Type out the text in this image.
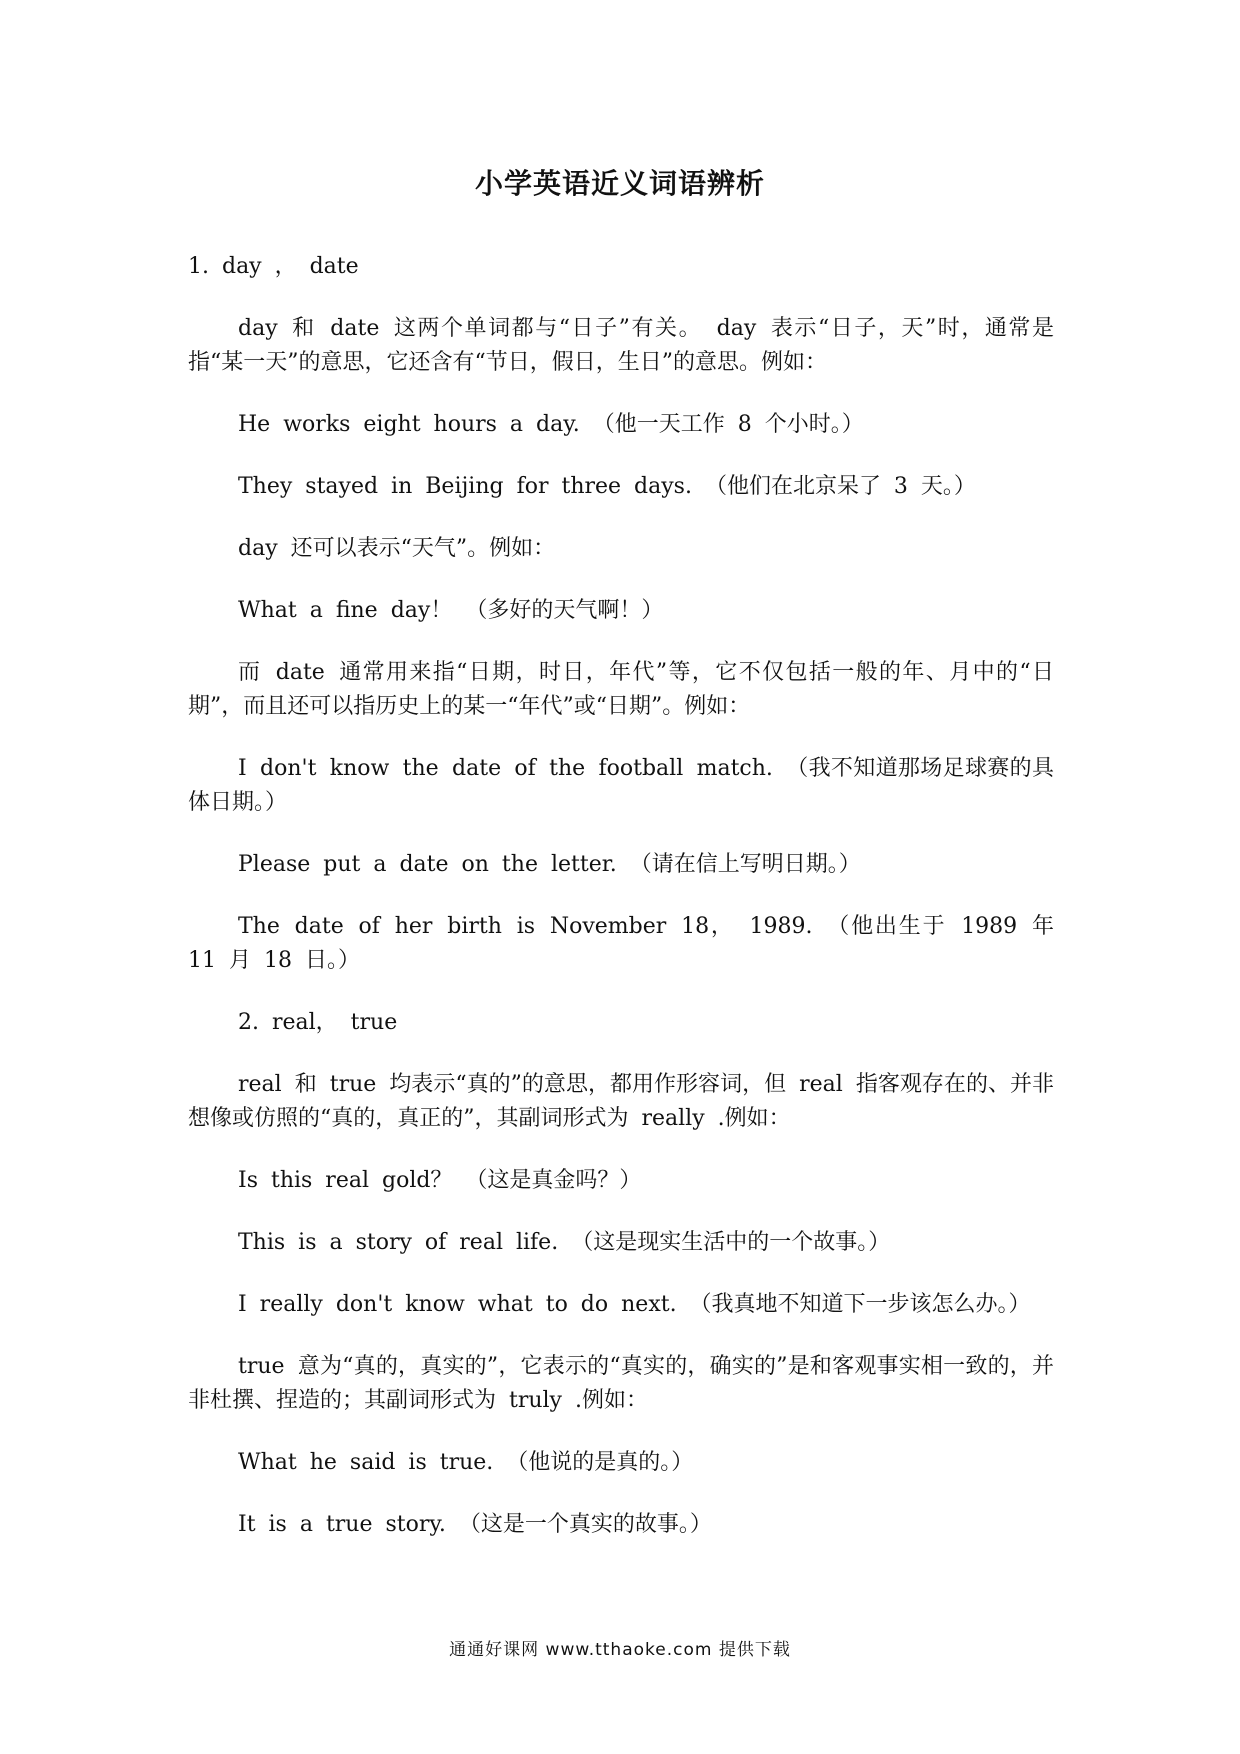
小学英语近义词语辨析

1. day ， date

day 和 date 这两个单词都与“日子”有关。 day 表示“日子，天”时，通常是指“某一天”的意思，它还含有“节日，假日，生日”的意思。例如：

He works eight hours a day. （他一天工作 8 个小时。）

They stayed in Beijing for three days. （他们在北京呆了 3 天。）

day 还可以表示“天气”。例如：

What a fine day！ （多好的天气啊！）

而 date 通常用来指“日期，时日，年代”等，它不仅包括一般的年、月中的“日期”，而且还可以指历史上的某一“年代”或“日期”。例如：

I don't know the date of the football match. （我不知道那场足球赛的具体日期。）

Please put a date on the letter. （请在信上写明日期。）

The date of her birth is November 18， 1989. （他出生于 1989 年 11 月 18 日。）

2. real， true

real 和 true 均表示“真的”的意思，都用作形容词，但 real 指客观存在的、并非想像或仿照的“真的，真正的”，其副词形式为 really .例如：

Is this real gold？ （这是真金吗？）

This is a story of real life. （这是现实生活中的一个故事。）

I really don't know what to do next. （我真地不知道下一步该怎么办。）

true 意为“真的，真实的”，它表示的“真实的，确实的”是和客观事实相一致的，并非杜撰、捏造的；其副词形式为 truly .例如：

What he said is true. （他说的是真的。）

It is a true story. （这是一个真实的故事。）

通通好课网 www.tthaoke.com 提供下载
